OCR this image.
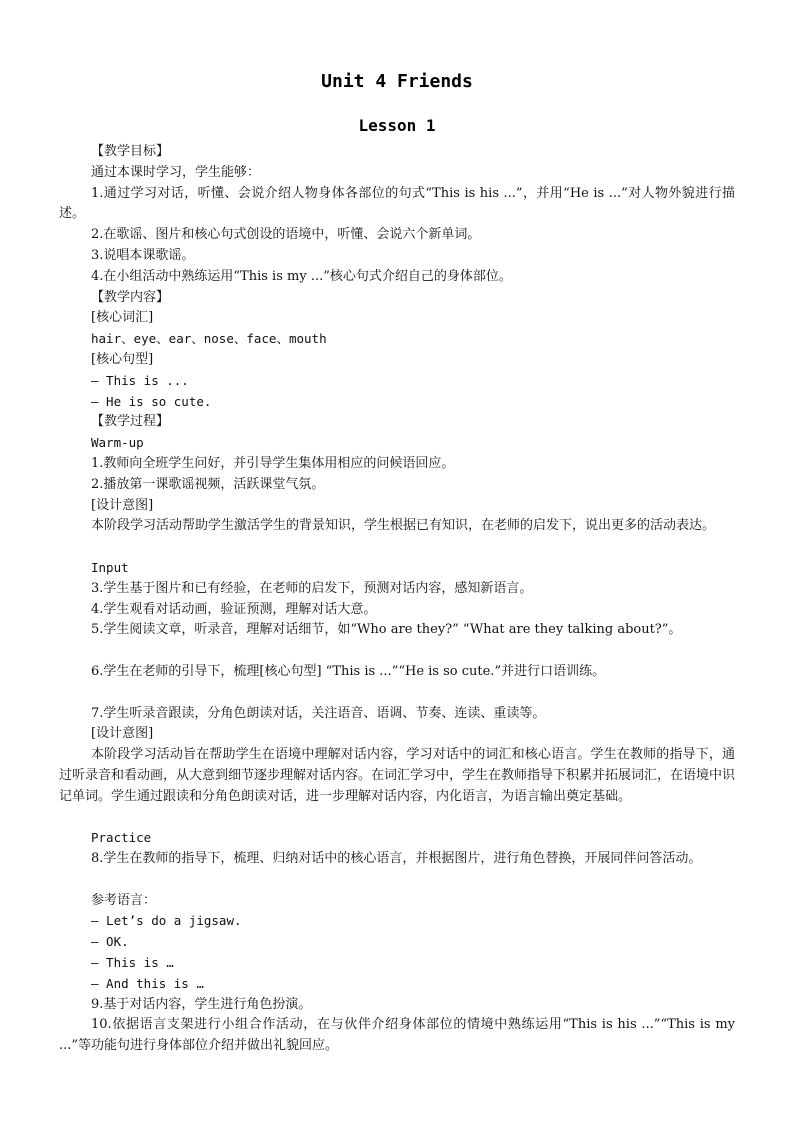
Unit 4 Friends
Lesson 1
【教学目标】
通过本课时学习，学生能够：
1.通过学习对话，听懂、会说介绍人物身体各部位的句式“This is his ...”，并用“He is ...”对人物外貌进行描述。
2.在歌谣、图片和核心句式创设的语境中，听懂、会说六个新单词。
3.说唱本课歌谣。
4.在小组活动中熟练运用“This is my ...”核心句式介绍自己的身体部位。
【教学内容】
[核心词汇]
hair、eye、ear、nose、face、mouth
[核心句型]
— This is ...
— He is so cute.
【教学过程】
Warm-up
1.教师向全班学生问好，并引导学生集体用相应的问候语回应。
2.播放第一课歌谣视频，活跃课堂气氛。
[设计意图]
本阶段学习活动帮助学生激活学生的背景知识，学生根据已有知识，在老师的启发下，说出更多的活动表达。
Input
3.学生基于图片和已有经验，在老师的启发下，预测对话内容，感知新语言。
4.学生观看对话动画，验证预测，理解对话大意。
5.学生阅读文章，听录音，理解对话细节，如“Who are they?” “What are they talking about?”。
6.学生在老师的引导下，梳理[核心句型] “This is ...”“He is so cute.”并进行口语训练。
7.学生听录音跟读，分角色朗读对话，关注语音、语调、节奏、连读、重读等。
[设计意图]
本阶段学习活动旨在帮助学生在语境中理解对话内容，学习对话中的词汇和核心语言。学生在教师的指导下，通过听录音和看动画，从大意到细节逐步理解对话内容。在词汇学习中，学生在教师指导下积累并拓展词汇，在语境中识记单词。学生通过跟读和分角色朗读对话，进一步理解对话内容，内化语言，为语言输出奠定基础。
Practice
8.学生在教师的指导下，梳理、归纳对话中的核心语言，并根据图片，进行角色替换，开展同伴问答活动。
参考语言：
— Let’s do a jigsaw.
— OK.
— This is …
— And this is …
9.基于对话内容，学生进行角色扮演。
10.依据语言支架进行小组合作活动，在与伙伴介绍身体部位的情境中熟练运用“This is his ...”“This is my ...”等功能句进行身体部位介绍并做出礼貌回应。
